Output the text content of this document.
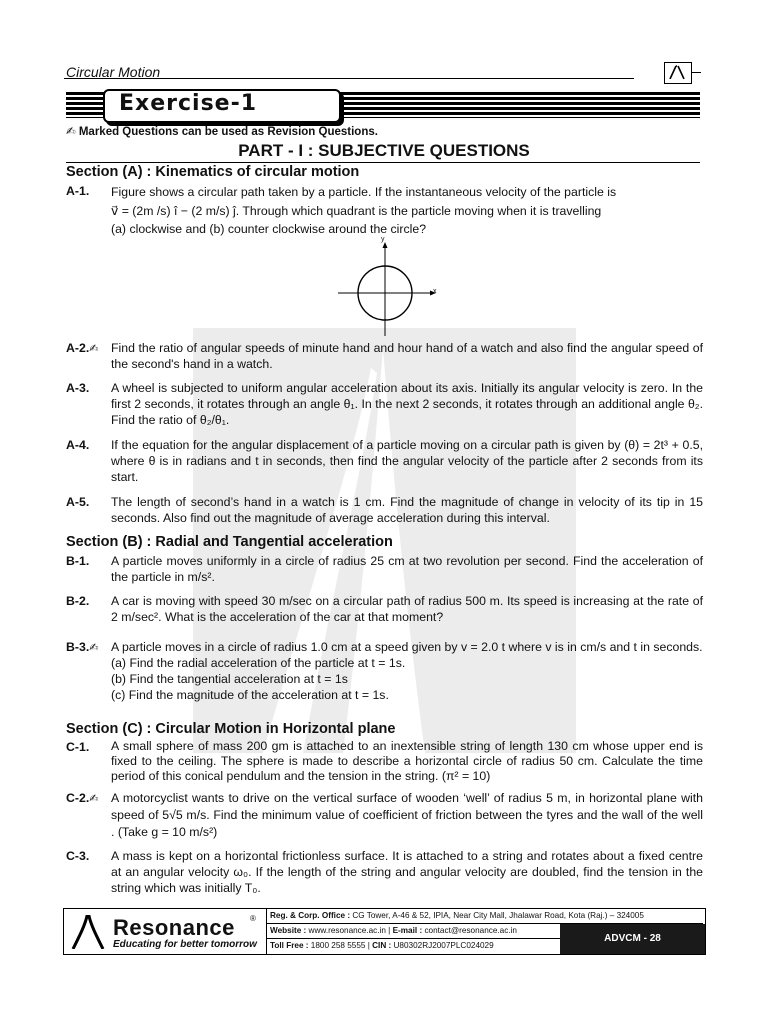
Circular Motion
Exercise-1
✍ Marked Questions can be used as Revision Questions.
PART - I : SUBJECTIVE QUESTIONS
Section (A) : Kinematics of circular motion
A-1. Figure shows a circular path taken by a particle. If the instantaneous velocity of the particle is

v⃗ = (2m /s) î − (2 m/s) ĵ. Through which quadrant is the particle moving when it is travelling

(a) clockwise and (b) counter clockwise around the circle?

y
x
A-2.✍ Find the ratio of angular speeds of minute hand and hour hand of a watch and also find the angular speed of the second's hand in a watch.

A-3. A wheel is subjected to uniform angular acceleration about its axis. Initially its angular velocity is zero. In the first 2 seconds, it rotates through an angle θ₁. In the next 2 seconds, it rotates through an additional angle θ₂. Find the ratio of θ₂/θ₁.

A-4. If the equation for the angular displacement of a particle moving on a circular path is given by (θ) = 2t³ + 0.5, where θ is in radians and t in seconds, then find the angular velocity of the particle after 2 seconds from its start.

A-5. The length of second’s hand in a watch is 1 cm. Find the magnitude of change in velocity of its tip in 15 seconds. Also find out the magnitude of average acceleration during this interval.

Section (B) : Radial and Tangential acceleration
B-1. A particle moves uniformly in a circle of radius 25 cm at two revolution per second. Find the acceleration of the particle in m/s².

B-2. A car is moving with speed 30 m/sec on a circular path of radius 500 m. Its speed is increasing at the rate of 2 m/sec². What is the acceleration of the car at that moment?

B-3.✍ A particle moves in a circle of radius 1.0 cm at a speed given by v = 2.0 t where v is in cm/s and t in seconds.

(a) Find the radial acceleration of the particle at t = 1s.

(b) Find the tangential acceleration at t = 1s

(c) Find the magnitude of the acceleration at t = 1s.

Section (C) : Circular Motion in Horizontal plane
C-1. A small sphere of mass 200 gm is attached to an inextensible string of length 130 cm whose upper end is fixed to the ceiling. The sphere is made to describe a horizontal circle of radius 50 cm. Calculate the time period of this conical pendulum and the tension in the string. (π² = 10)

C-2.✍ A motorcyclist wants to drive on the vertical surface of wooden ‘well’ of radius 5 m, in horizontal plane with speed of 5√5 m/s. Find the minimum value of coefficient of friction between the tyres and the wall of the well . (Take g = 10 m/s²)

C-3. A mass is kept on a horizontal frictionless surface. It is attached to a string and rotates about a fixed centre at an angular velocity ω₀. If the length of the string and angular velocity are doubled, find the tension in the string which was initially T₀.

Resonance ®
Educating for better tomorrow
Reg. & Corp. Office : CG Tower, A-46 & 52, IPIA, Near City Mall, Jhalawar Road, Kota (Raj.) – 324005
Website : www.resonance.ac.in | E-mail : contact@resonance.ac.in
Toll Free : 1800 258 5555 | CIN : U80302RJ2007PLC024029
ADVCM - 28
